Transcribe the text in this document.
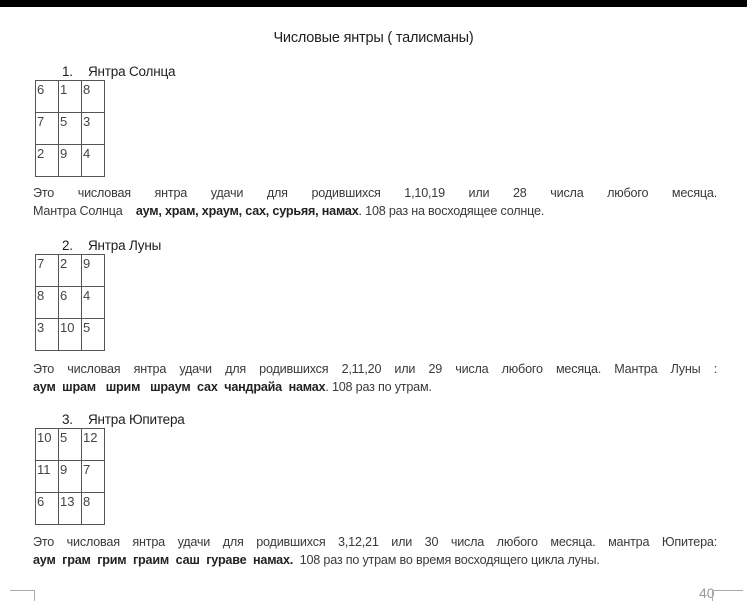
Числовые янтры ( талисманы)
1. Янтра Солнца
6	1	8
7	5	3
2	9	4
Это числовая янтра удачи для родившихся 1,10,19 или 28 числа любого месяца.
Мантра Солнца аум, храм, храум, сах, сурьяя, намах. 108 раз на восходящее солнце.
2. Янтра Луны
7	2	9
8	6	4
3	10	5
Это числовая янтра удачи для родившихся 2,11,20 или 29 числа любого месяца. Мантра Луны :
аум  шрам   шрим   шраум  сах  чандрайа  намах. 108 раз по утрам.
3. Янтра Юпитера
10	5	12
11	9	7
6	13	8
Это числовая янтра удачи для родившихся 3,12,21 или 30 числа любого месяца. мантра Юпитера:
аум  грам  грим  граим  саш  гураве  намах.  108 раз по утрам во время восходящего цикла луны.
40
